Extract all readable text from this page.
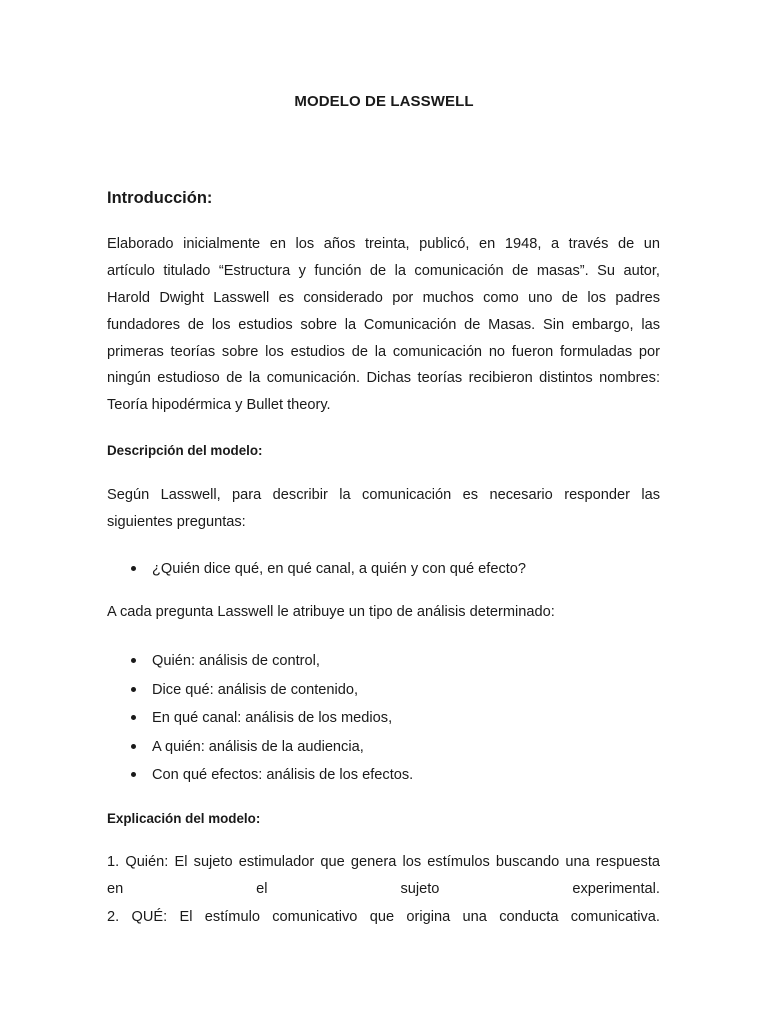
MODELO DE LASSWELL
Introducción:
Elaborado inicialmente en los años treinta, publicó, en 1948, a través de un
artículo titulado “Estructura y función de la comunicación de masas”. Su autor,
Harold Dwight Lasswell es considerado por muchos como uno de los padres
fundadores de los estudios sobre la Comunicación de Masas. Sin embargo, las
primeras teorías sobre los estudios de la comunicación no fueron formuladas por
ningún estudioso de la comunicación. Dichas teorías recibieron distintos nombres:
Teoría hipodérmica y Bullet theory.
Descripción del modelo:
Según Lasswell, para describir la comunicación es necesario responder las
siguientes preguntas:
¿Quién dice qué, en qué canal, a quién y con qué efecto?
A cada pregunta Lasswell le atribuye un tipo de análisis determinado:
Quién: análisis de control,
Dice qué: análisis de contenido,
En qué canal: análisis de los medios,
A quién: análisis de la audiencia,
Con qué efectos: análisis de los efectos.
Explicación del modelo:
1. Quién: El sujeto estimulador que genera los estímulos buscando una respuesta
en	el	sujeto	experimental.
2. QUÉ: El estímulo comunicativo que origina una conducta comunicativa.
